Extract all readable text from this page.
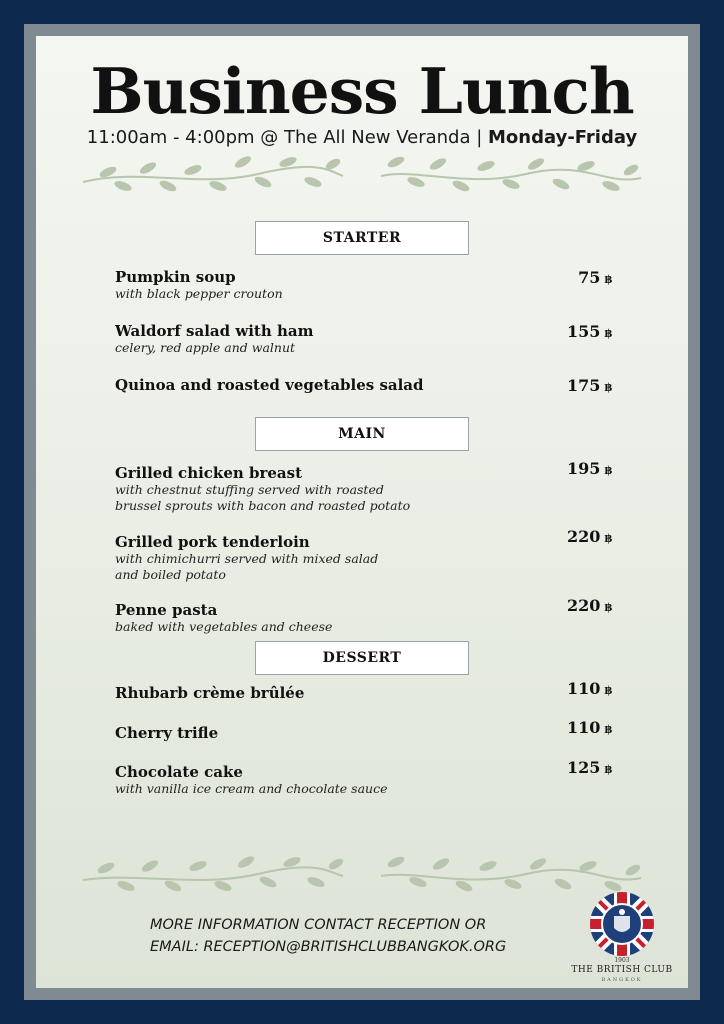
Business Lunch
11:00am - 4:00pm @ The All New Veranda | Monday-Friday
STARTER
Pumpkin soup
with black pepper crouton
75 ฿
Waldorf salad with ham
celery, red apple and walnut
155 ฿
Quinoa and roasted vegetables salad	175 ฿
MAIN
Grilled chicken breast
with chestnut stuffing served with roasted
brussel sprouts with bacon and roasted potato
195 ฿
Grilled pork tenderloin
with chimichurri served with mixed salad
and boiled potato
220 ฿
Penne pasta
baked with vegetables and cheese
220 ฿
DESSERT
Rhubarb crème brûlée	110 ฿
Cherry trifle	110 ฿
Chocolate cake
with vanilla ice cream and chocolate sauce
125 ฿
MORE INFORMATION CONTACT RECEPTION OR
EMAIL: RECEPTION@BRITISHCLUBBANGKOK.ORG
1903
THE BRITISH CLUB
BANGKOK
